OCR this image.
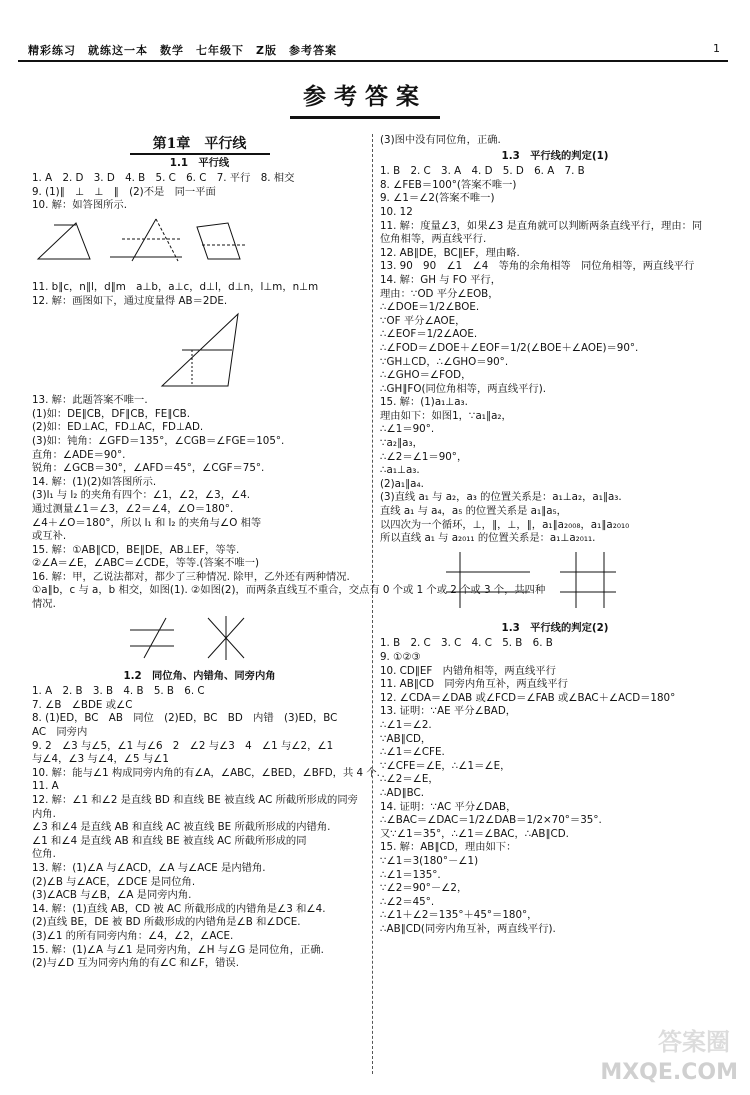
精彩练习　就练这一本　数学　七年级下　Z版　参考答案	1
参考答案
第1章　平行线
1.1　平行线
1. A　2. D　3. D　4. B　5. C　6. C　7. 平行　8. 相交
9. (1)∥　⊥　⊥　∥　(2)不是　同一平面
10. 解：如答图所示.
11. b∥c，n∥l，d∥m　a⊥b，a⊥c，d⊥l，d⊥n，l⊥m，n⊥m
12. 解：画图如下，通过度量得 AB＝2DE.
13. 解：此题答案不唯一.
(1)如：DE∥CB，DF∥CB，FE∥CB.
(2)如：ED⊥AC，FD⊥AC，FD⊥AD.
(3)如：钝角：∠GFD＝135°，∠CGB＝∠FGE＝105°.
直角：∠ADE＝90°.
锐角：∠GCB＝30°，∠AFD＝45°，∠CGF＝75°.
14. 解：(1)(2)如答图所示.
(3)l₁ 与 l₂ 的夹角有四个：∠1，∠2，∠3，∠4.
通过测量∠1＝∠3，∠2＝∠4，∠O＝180°.
∠4＋∠O＝180°，所以 l₁ 和 l₂ 的夹角与∠O 相等
或互补.
15. 解：①AB∥CD，BE∥DE，AB⊥EF，等等.
②∠A＝∠E，∠ABC＝∠CDE，等等.(答案不唯一)
16. 解：甲，乙说法都对，都少了三种情况. 除甲，乙外还有两种情况.
①a∥b，c 与 a，b 相交，如图(1). ②如图(2)，而两条直线互不重合，交点有 0 个或 1 个或 2 个或 3 个，共四种
情况.
1.2　同位角、内错角、同旁内角
1. A　2. B　3. B　4. B　5. B　6. C
7. ∠B　∠BDE 或∠C
8. (1)ED，BC　AB　同位　(2)ED，BC　BD　内错　(3)ED，BC
AC　同旁内
9. 2　∠3 与∠5，∠1 与∠6　2　∠2 与∠3　4　∠1 与∠2，∠1
与∠4，∠3 与∠4，∠5 与∠1
10. 解：能与∠1 构成同旁内角的有∠A，∠ABC，∠BED，∠BFD，共 4 个.
11. A
12. 解：∠1 和∠2 是直线 BD 和直线 BE 被直线 AC 所截所形成的同旁
内角.
∠3 和∠4 是直线 AB 和直线 AC 被直线 BE 所截所形成的内错角.
∠1 和∠4 是直线 AB 和直线 BE 被直线 AC 所截所形成的同
位角.
13. 解：(1)∠A 与∠ACD，∠A 与∠ACE 是内错角.
(2)∠B 与∠ACE，∠DCE 是同位角.
(3)∠ACB 与∠B，∠A 是同旁内角.
14. 解：(1)直线 AB，CD 被 AC 所截形成的内错角是∠3 和∠4.
(2)直线 BE，DE 被 BD 所截形成的内错角是∠B 和∠DCE.
(3)∠1 的所有同旁内角：∠4，∠2，∠ACE.
15. 解：(1)∠A 与∠1 是同旁内角，∠H 与∠G 是同位角，正确.
(2)与∠D 互为同旁内角的有∠C 和∠F，错误.
(3)图中没有同位角，正确.
1.3　平行线的判定(1)
1. B　2. C　3. A　4. D　5. D　6. A　7. B
8. ∠FEB＝100°(答案不唯一)
9. ∠1＝∠2(答案不唯一)
10. 12
11. 解：度量∠3，如果∠3 是直角就可以判断两条直线平行，理由：同
位角相等，两直线平行.
12. AB∥DE，BC∥EF，理由略.
13. 90　90　∠1　∠4　等角的余角相等　同位角相等，两直线平行
14. 解：GH 与 FO 平行，
理由：∵OD 平分∠EOB，
∴∠DOE＝1/2∠BOE.
∵OF 平分∠AOE，
∴∠EOF＝1/2∠AOE.
∴∠FOD＝∠DOE＋∠EOF＝1/2(∠BOE＋∠AOE)＝90°.
∵GH⊥CD，∴∠GHO＝90°.
∴∠GHO＝∠FOD，
∴GH∥FO(同位角相等，两直线平行).
15. 解：(1)a₁⊥a₃.
理由如下：如图1，∵a₁∥a₂，
∴∠1＝90°.
∵a₂∥a₃，
∴∠2＝∠1＝90°，
∴a₁⊥a₃.
(2)a₁∥a₄.
(3)直线 a₁ 与 a₂，a₃ 的位置关系是：a₁⊥a₂，a₁∥a₃.
直线 a₁ 与 a₄，a₅ 的位置关系是 a₁∥a₅，
以四次为一个循环，⊥，∥，⊥，∥，a₁∥a₂₀₀₈，a₁∥a₂₀₁₀
所以直线 a₁ 与 a₂₀₁₁ 的位置关系是：a₁⊥a₂₀₁₁.
1.3　平行线的判定(2)
1. B　2. C　3. C　4. C　5. B　6. B
9. ①②③
10. CD∥EF　内错角相等，两直线平行
11. AB∥CD　同旁内角互补，两直线平行
12. ∠CDA＝∠DAB 或∠FCD＝∠FAB 或∠BAC＋∠ACD＝180°
13. 证明：∵AE 平分∠BAD，
∴∠1＝∠2.
∵AB∥CD，
∴∠1＝∠CFE.
∵∠CFE＝∠E，∴∠1＝∠E，
∴∠2＝∠E，
∴AD∥BC.
14. 证明：∵AC 平分∠DAB，
∴∠BAC＝∠DAC＝1/2∠DAB＝1/2×70°＝35°.
又∵∠1＝35°，∴∠1＝∠BAC，∴AB∥CD.
15. 解：AB∥CD，理由如下：
∵∠1＝3(180°－∠1)
∴∠1＝135°.
∵∠2＝90°－∠2，
∴∠2＝45°.
∴∠1＋∠2＝135°＋45°＝180°，
∴AB∥CD(同旁内角互补，两直线平行).
答案圈
MXQE.COM
